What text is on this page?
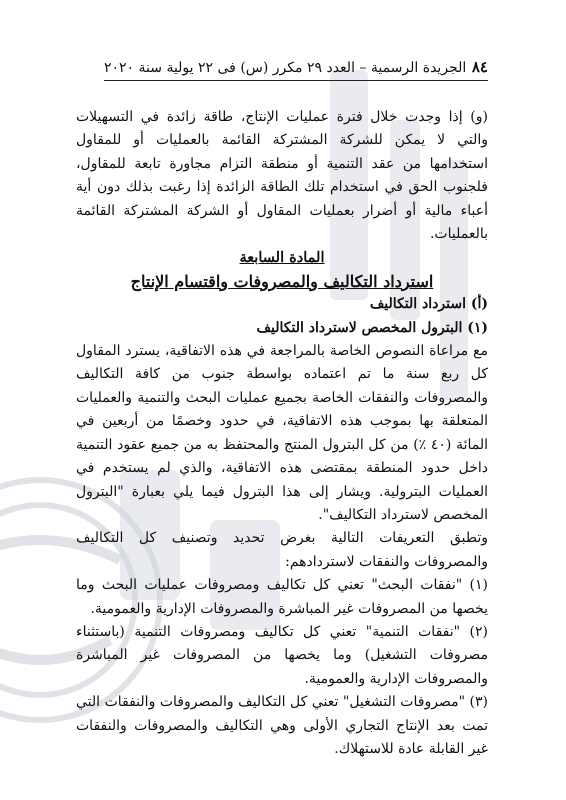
٨٤
الجريدة الرسمية – العدد ٢٩ مكرر (س) فى ٢٢ يولية سنة ٢٠٢٠

(و) إذا وجدت خلال فترة عمليات الإنتاج، طاقة زائدة في التسهيلات والتي لا يمكن للشركة المشتركة القائمة بالعمليات أو للمقاول استخدامها من عقد التنمية أو منطقة التزام مجاورة تابعة للمقاول، فلجنوب الحق في استخدام تلك الطاقة الزائدة إذا رغبت بذلك دون أية أعباء مالية أو أضرار بعمليات المقاول أو الشركة المشتركة القائمة بالعمليات.

المادة السابعة

استرداد التكاليف والمصروفات واقتسام الإنتاج

(أ) استرداد التكاليف

(١) البترول المخصص لاسترداد التكاليف

مع مراعاة النصوص الخاصة بالمراجعة في هذه الاتفاقية، يسترد المقاول كل ربع سنة ما تم اعتماده بواسطة جنوب من كافة التكاليف والمصروفات والنفقات الخاصة بجميع عمليات البحث والتنمية والعمليات المتعلقة بها بموجب هذه الاتفاقية، في حدود وخصمًا من أربعين في المائة (٤٠ ٪) من كل البترول المنتج والمحتفظ به من جميع عقود التنمية داخل حدود المنطقة بمقتضى هذه الاتفاقية، والذي لم يستخدم في العمليات البترولية. ويشار إلى هذا البترول فيما يلي بعبارة "البترول المخصص لاسترداد التكاليف".

وتطبق التعريفات التالية بغرض تحديد وتصنيف كل التكاليف والمصروفات والنفقات لاستردادهم:

(١) "نفقات البحث" تعني كل تكاليف ومصروفات عمليات البحث وما يخصها من المصروفات غير المباشرة والمصروفات الإدارية والعمومية.

(٢) "نفقات التنمية" تعني كل تكاليف ومصروفات التنمية (باستثناء مصروفات التشغيل) وما يخصها من المصروفات غير المباشرة والمصروفات الإدارية والعمومية.

(٣) "مصروفات التشغيل" تعني كل التكاليف والمصروفات والنفقات التي تمت بعد الإنتاج التجاري الأولى وهي التكاليف والمصروفات والنفقات غير القابلة عادة للاستهلاك.
